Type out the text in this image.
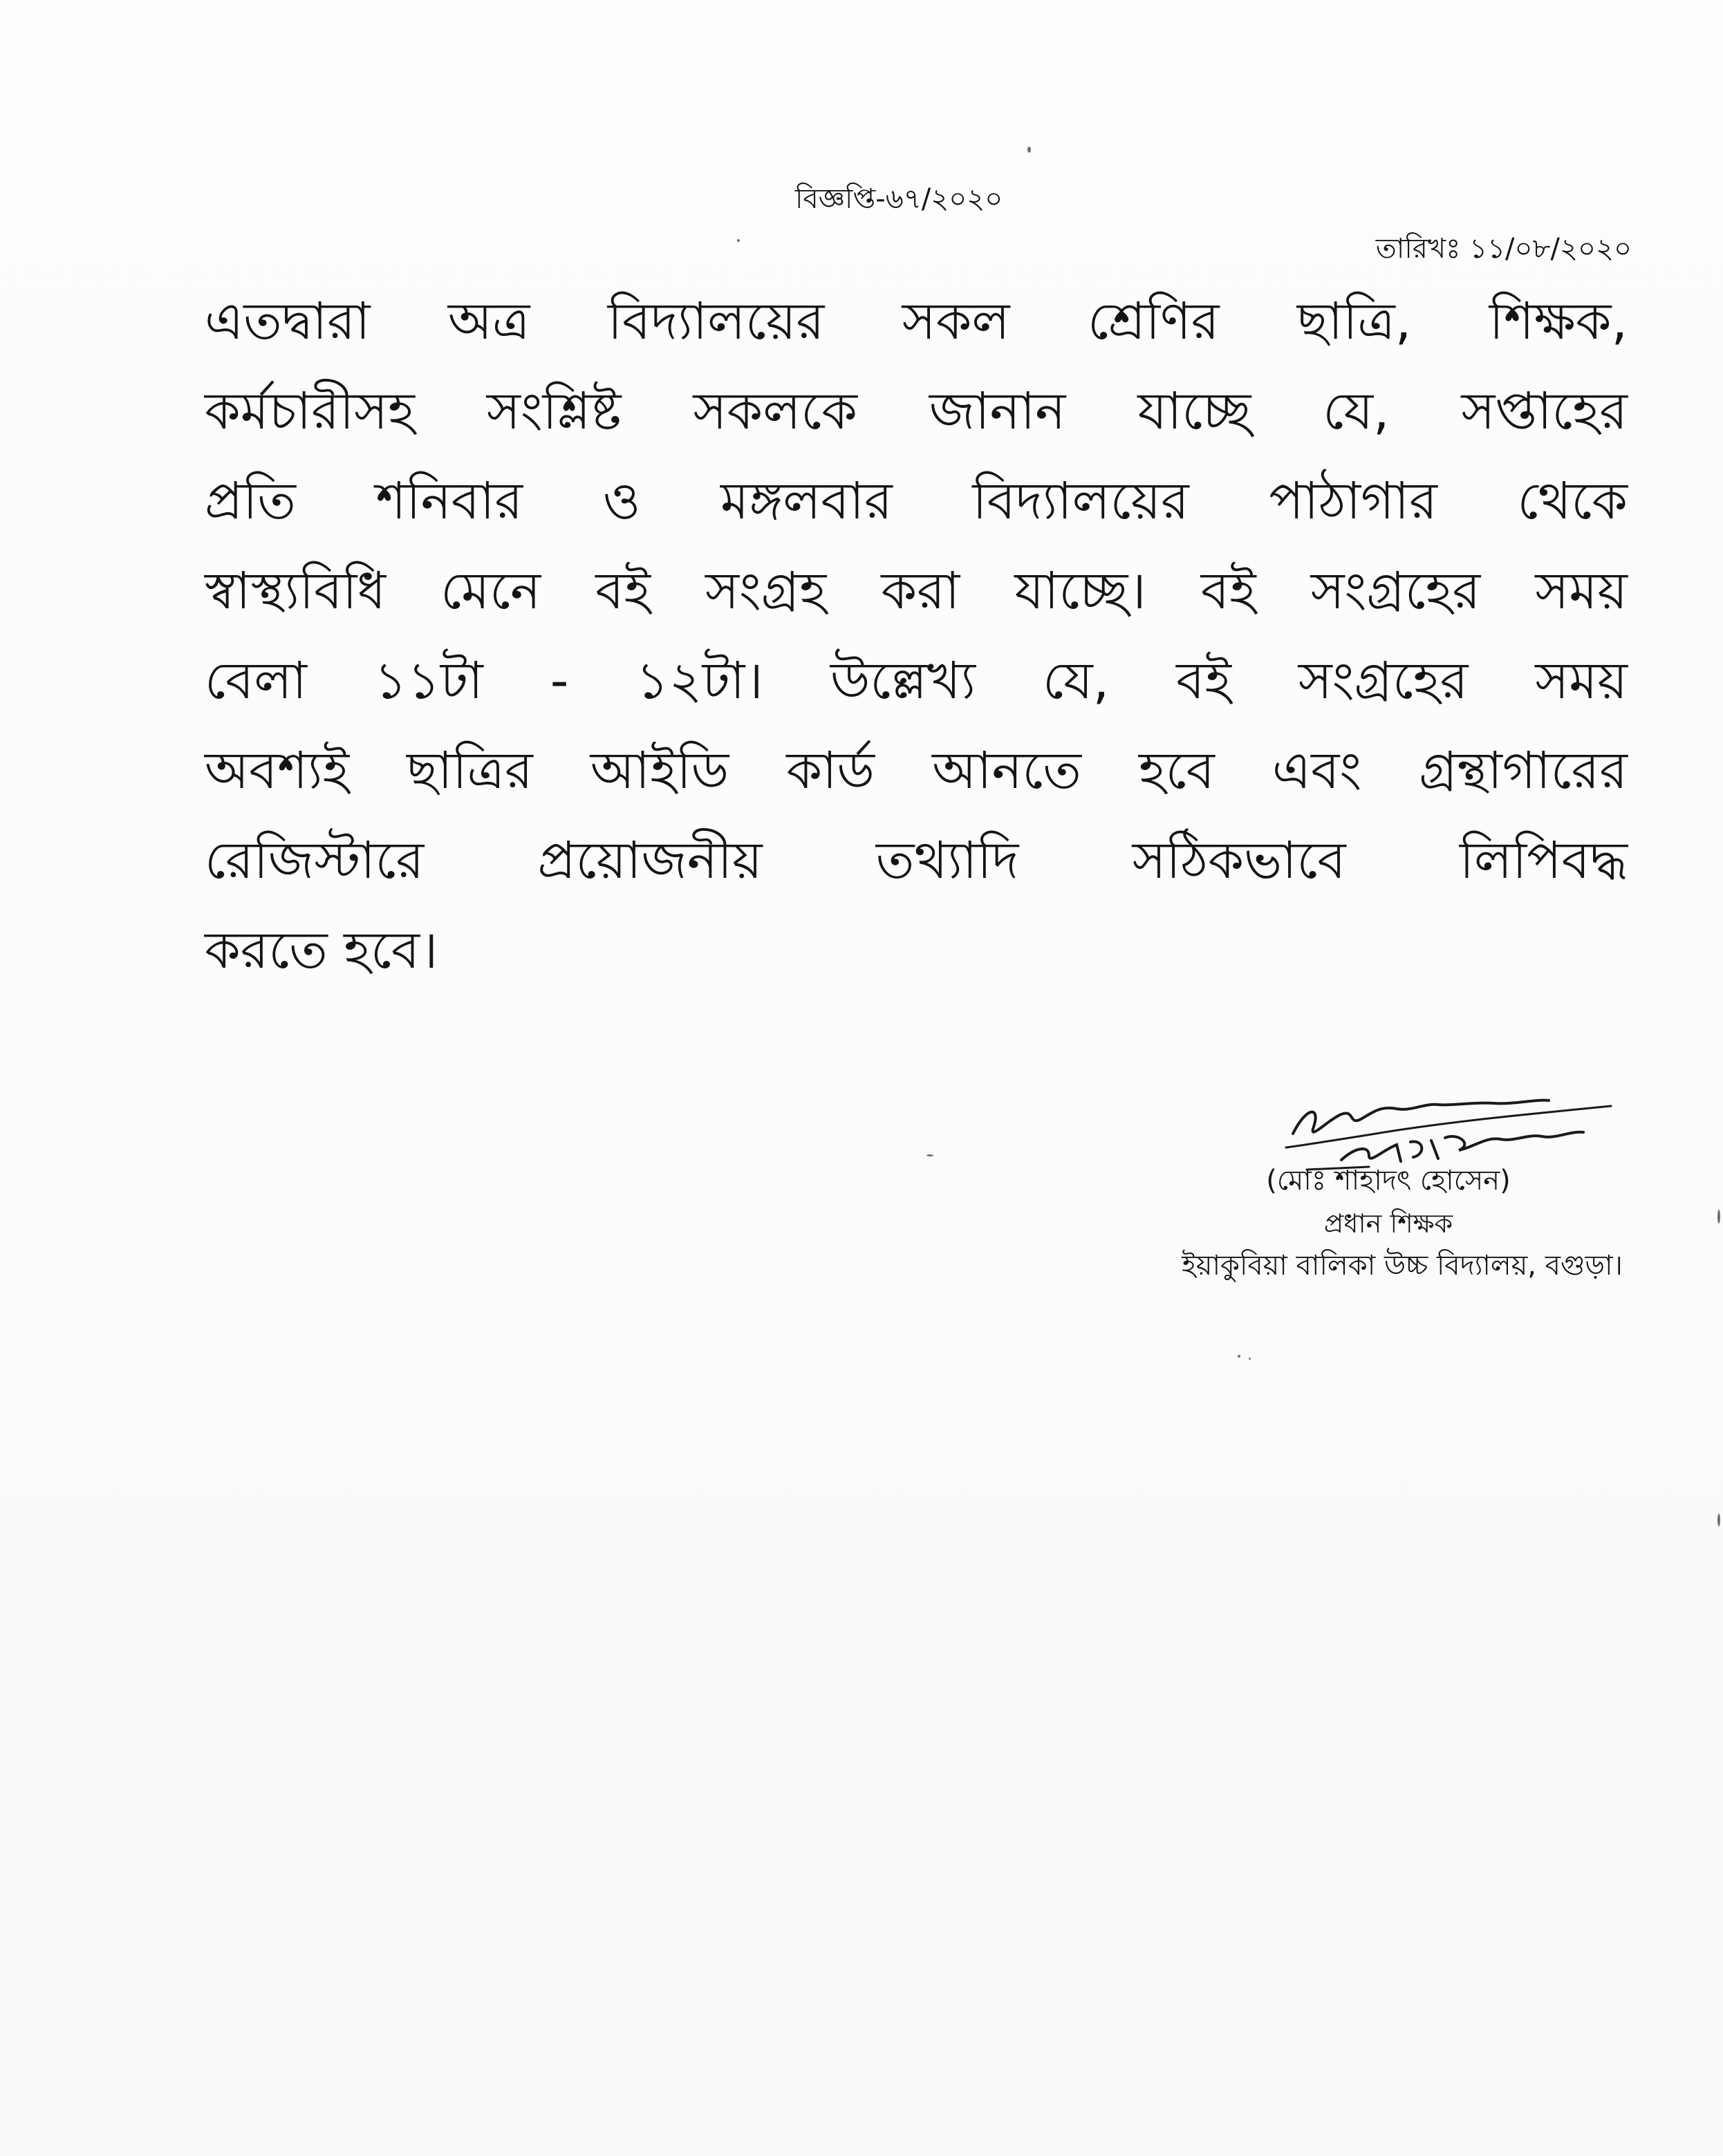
বিজ্ঞপ্তি-৬৭/২০২০
তারিখঃ ১১/০৮/২০২০
এতদ্বারা অত্র বিদ্যালয়ের সকল শ্রেণির ছাত্রি, শিক্ষক,
কর্মচারীসহ সংশ্লিষ্ট সকলকে জানান যাচ্ছে যে, সপ্তাহের
প্রতি শনিবার ও মঙ্গলবার বিদ্যালয়ের পাঠাগার থেকে
স্বাস্থ্যবিধি মেনে বই সংগ্রহ করা যাচ্ছে। বই সংগ্রহের সময়
বেলা ১১টা - ১২টা। উল্লেখ্য যে, বই সংগ্রহের সময়
অবশ্যই ছাত্রির আইডি কার্ড আনতে হবে এবং গ্রন্থাগারের
রেজিস্টারে প্রয়োজনীয় তথ্যাদি সঠিকভাবে লিপিবদ্ধ
করতে হবে।
(মোঃ শাহাদৎ হোসেন)
প্রধান শিক্ষক
ইয়াকুবিয়া বালিকা উচ্চ বিদ্যালয়, বগুড়া।
